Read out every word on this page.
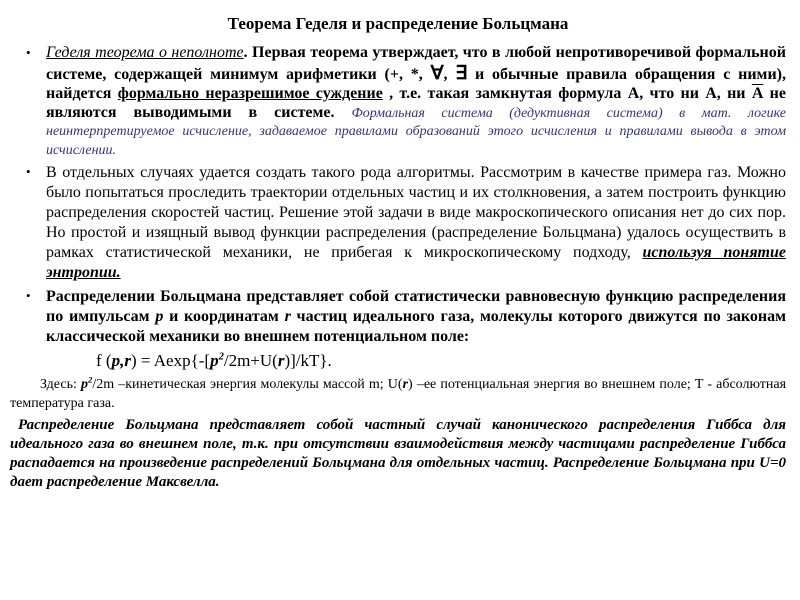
Теорема Геделя и распределение Больцмана
• Геделя теорема о неполноте. Первая теорема утверждает, что в любой непротиворечивой формальной системе, содержащей минимум арифметики (+, *, ∀, ∃ и обычные правила обращения с ними), найдется формально неразрешимое суждение , т.е. такая замкнутая формула А, что ни А, ни А не являются выводимыми в системе. Формальная система (дедуктивная система) в мат. логике неинтерпретируемое исчисление, задаваемое правилами образований этого исчисления и правилами вывода в этом исчислении.
• В отдельных случаях удается создать такого рода алгоритмы. Рассмотрим в качестве примера газ. Можно было попытаться проследить траектории отдельных частиц и их столкновения, а затем построить функцию распределения скоростей частиц. Решение этой задачи в виде макроскопического описания нет до сих пор. Но простой и изящный вывод функции распределения (распределение Больцмана) удалось осуществить в рамках статистической механики, не прибегая к микроскопическому подходу, используя понятие энтропии.
• Распределении Больцмана представляет собой статистически равновесную функцию распределения по импульсам p и координатам r частиц идеального газа, молекулы которого движутся по законам классической механики во внешнем потенциальном поле:

f $(p,r) = Aexp\{-[p^2/2m+U(r)]/kT\}$.

Здесь: $p^2/2m$ –кинетическая энергия молекулы массой m; U(r) –ее потенциальная энергия во внешнем поле; T - абсолютная температура газа.

Распределение Больцмана представляет собой частный случай канонического распределения Гиббса для идеального газа во внешнем поле, т.к. при отсутствии взаимодействия между частицами распределение Гиббса распадается на произведение распределений Больцмана для отдельных частиц. Распределение Больцмана при U=0 дает распределение Максвелла.
